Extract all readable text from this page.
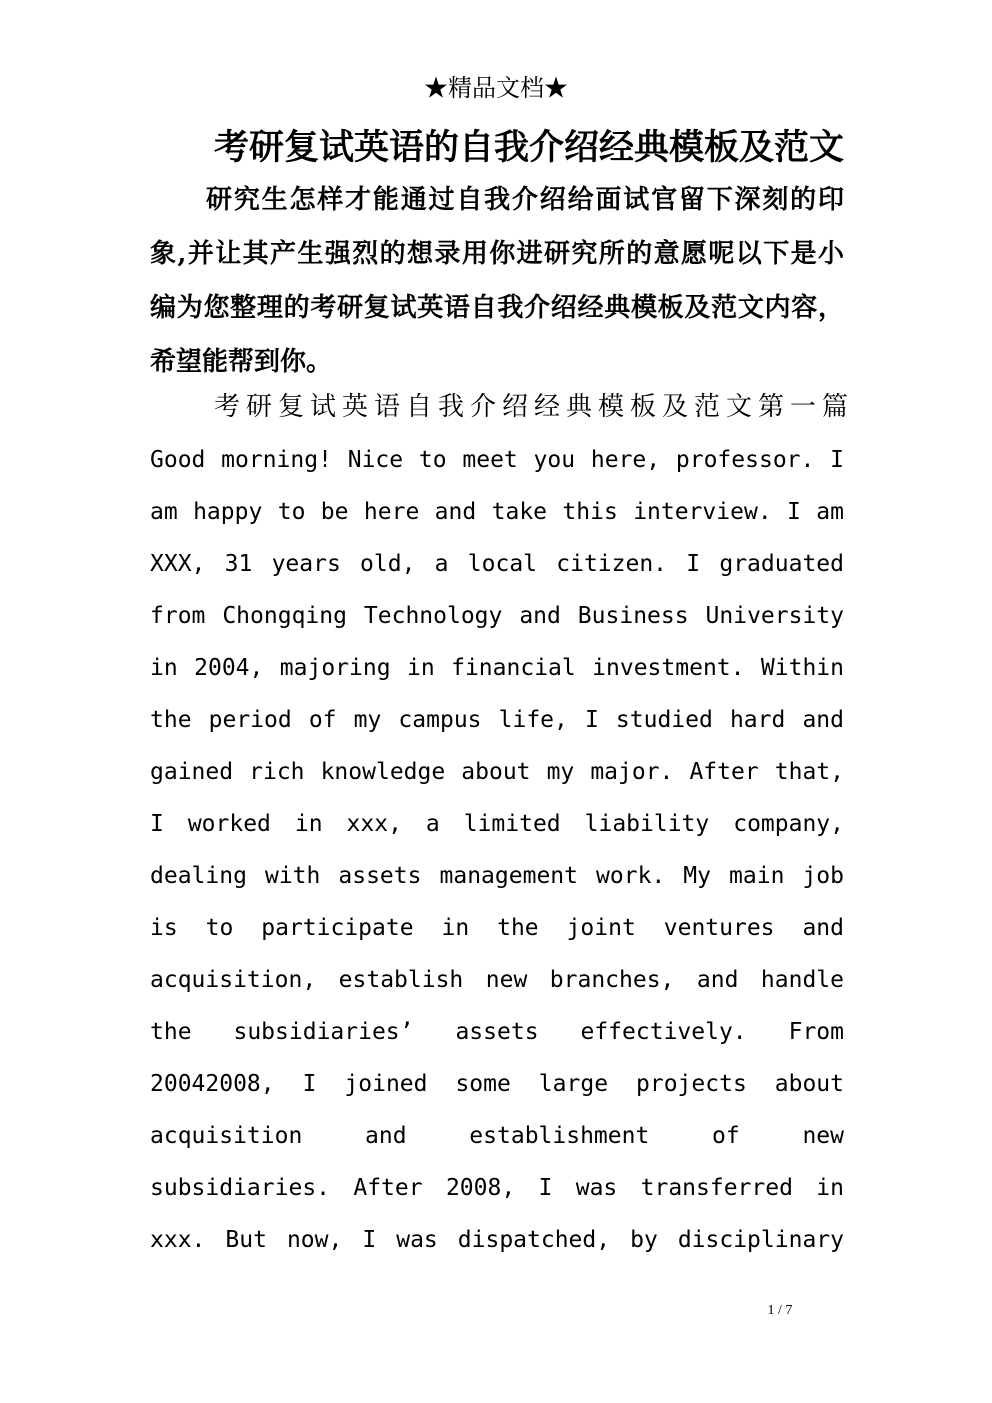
★精品文档★
考研复试英语的自我介绍经典模板及范文
研究生怎样才能通过自我介绍给面试官留下深刻的印
象,并让其产生强烈的想录用你进研究所的意愿呢以下是小
编为您整理的考研复试英语自我介绍经典模板及范文内容，
希望能帮到你。
考研复试英语自我介绍经典模板及范文第一篇
Good morning! Nice to meet you here, professor. I
am happy to be here and take this interview. I am
XXX, 31 years old, a local citizen. I graduated
from Chongqing Technology and Business University
in 2004, majoring in financial investment. Within
the period of my campus life, I studied hard and
gained rich knowledge about my major. After that,
I worked in xxx, a limited liability company,
dealing with assets management work. My main job
is to participate in the joint ventures and
acquisition, establish new branches, and handle
the subsidiaries’ assets effectively. From
20042008, I joined some large projects about
acquisition and establishment of new
subsidiaries. After 2008, I was transferred in
xxx. But now, I was dispatched, by disciplinary
1 / 7
